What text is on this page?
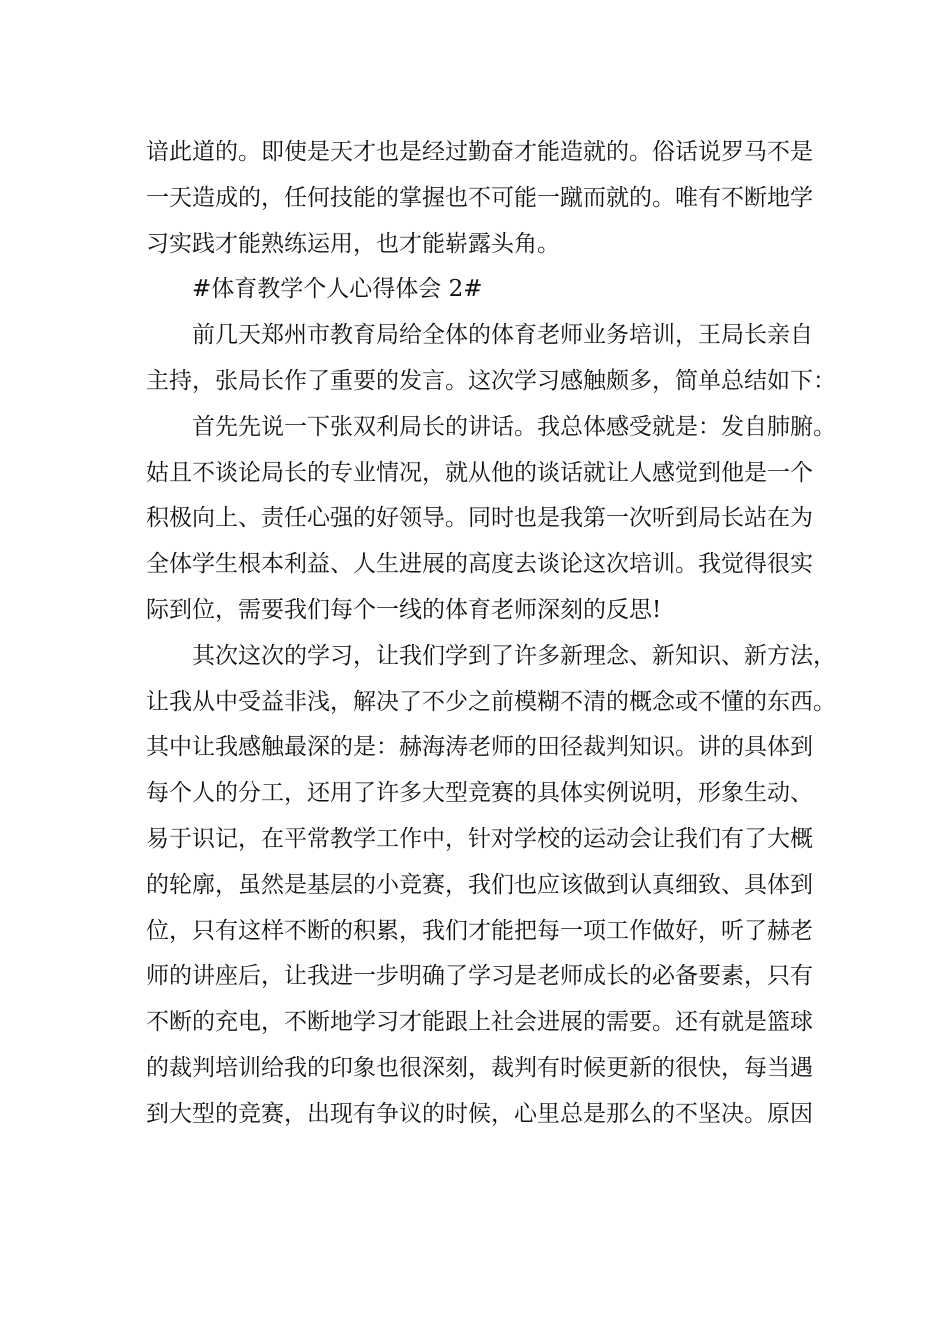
谙此道的。即使是天才也是经过勤奋才能造就的。俗话说罗马不是
一天造成的，任何技能的掌握也不可能一蹴而就的。唯有不断地学
习实践才能熟练运用，也才能崭露头角。
#体育教学个人心得体会 2#
前几天郑州市教育局给全体的体育老师业务培训，王局长亲自
主持，张局长作了重要的发言。这次学习感触颇多，简单总结如下：
首先先说一下张双利局长的讲话。我总体感受就是：发自肺腑。
姑且不谈论局长的专业情况，就从他的谈话就让人感觉到他是一个
积极向上、责任心强的好领导。同时也是我第一次听到局长站在为
全体学生根本利益、人生进展的高度去谈论这次培训。我觉得很实
际到位，需要我们每个一线的体育老师深刻的反思!
其次这次的学习，让我们学到了许多新理念、新知识、新方法，
让我从中受益非浅，解决了不少之前模糊不清的概念或不懂的东西。
其中让我感触最深的是：赫海涛老师的田径裁判知识。讲的具体到
每个人的分工，还用了许多大型竞赛的具体实例说明，形象生动、
易于识记，在平常教学工作中，针对学校的运动会让我们有了大概
的轮廓，虽然是基层的小竞赛，我们也应该做到认真细致、具体到
位，只有这样不断的积累，我们才能把每一项工作做好，听了赫老
师的讲座后，让我进一步明确了学习是老师成长的必备要素，只有
不断的充电，不断地学习才能跟上社会进展的需要。还有就是篮球
的裁判培训给我的印象也很深刻，裁判有时候更新的很快，每当遇
到大型的竞赛，出现有争议的时候，心里总是那么的不坚决。原因
